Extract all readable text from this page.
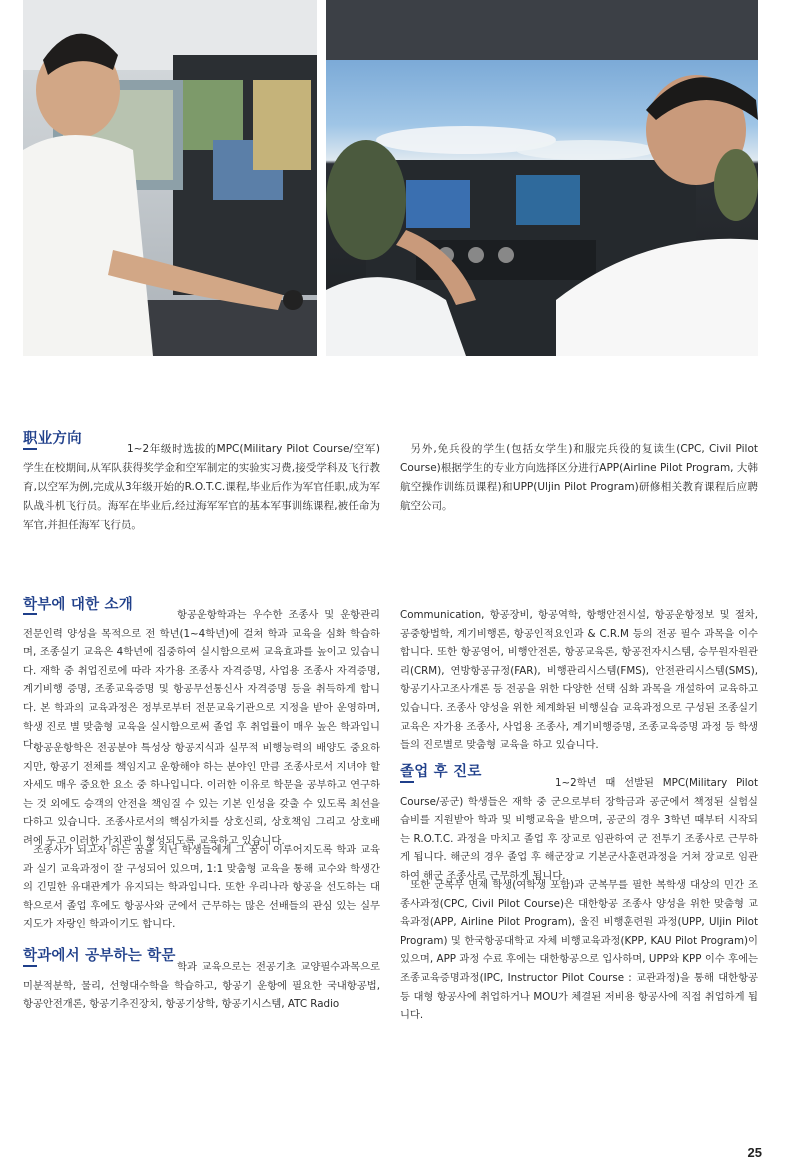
职业方向

1~2年级时选拔的MPC(Military Pilot Course/空军)学生在校期间,从军队获得奖学金和空军制定的实验实习费,接受学科及飞行教育,以空军为例,完成从3年级开始的R.O.T.C.课程,毕业后作为军官任职,成为军队战斗机飞行员。海军在毕业后,经过海军军官的基本军事训练课程,被任命为军官,并担任海军飞行员。

另外,免兵役的学生(包括女学生)和服完兵役的复读生(CPC, Civil Pilot Course)根据学生的专业方向选择区分进行APP(Airline Pilot Program, 大韩航空操作训练员课程)和UPP(Uljin Pilot Program)研修相关教育课程后应聘航空公司。

학부에 대한 소개

항공운항학과는 우수한 조종사 및 운항관리 전문인력 양성을 목적으로 전 학년(1~4학년)에 걸쳐 학과 교육을 심화 학습하며, 조종실기 교육은 4학년에 집중하여 실시함으로써 교육효과를 높이고 있습니다. 재학 중 취업진로에 따라 자가용 조종사 자격증명, 사업용 조종사 자격증명, 계기비행 증명, 조종교육증명 및 항공무선통신사 자격증명 등을 취득하게 합니다. 본 학과의 교육과정은 정부로부터 전문교육기관으로 지정을 받아 운영하며, 학생 진로 별 맞춤형 교육을 실시함으로써 졸업 후 취업률이 매우 높은 학과입니다.

항공운항학은 전공분야 특성상 항공지식과 실무적 비행능력의 배양도 중요하지만, 항공기 전체를 책임지고 운항해야 하는 분야인 만큼 조종사로서 지녀야 할 자세도 매우 중요한 요소 중 하나입니다. 이러한 이유로 학문을 공부하고 연구하는 것 외에도 승객의 안전을 책임질 수 있는 기본 인성을 갖출 수 있도록 최선을 다하고 있습니다. 조종사로서의 핵심가치를 상호신뢰, 상호책임 그리고 상호배려에 두고 이러한 가치관이 형성되도록 교육하고 있습니다.

조종사가 되고자 하는 꿈을 지닌 학생들에게 그 꿈이 이루어지도록 학과 교육과 실기 교육과정이 잘 구성되어 있으며, 1:1 맞춤형 교육을 통해 교수와 학생간의 긴밀한 유대관계가 유지되는 학과입니다. 또한 우리나라 항공을 선도하는 대학으로서 졸업 후에도 항공사와 군에서 근무하는 많은 선배들의 관심 있는 실무지도가 자랑인 학과이기도 합니다.

학과에서 공부하는 학문

학과 교육으로는 전공기초 교양필수과목으로 미분적분학, 물리, 선형대수학을 학습하고, 항공기 운항에 필요한 국내항공법, 항공안전개론, 항공기추진장치, 항공기상학, 항공기시스템, ATC Radio

Communication, 항공장비, 항공역학, 항행안전시설, 항공운항정보 및 절차, 공중항법학, 계기비행론, 항공인적요인과 & C.R.M 등의 전공 필수 과목을 이수합니다. 또한 항공영어, 비행안전론, 항공교육론, 항공전자시스템, 승무원자원관리(CRM), 연방항공규정(FAR), 비행관리시스템(FMS), 안전관리시스템(SMS), 항공기사고조사개론 등 전공을 위한 다양한 선택 심화 과목을 개설하여 교육하고 있습니다. 조종사 양성을 위한 체계화된 비행실습 교육과정으로 구성된 조종실기교육은 자가용 조종사, 사업용 조종사, 계기비행증명, 조종교육증명 과정 등 학생들의 진로별로 맞춤형 교육을 하고 있습니다.

졸업 후 진로

1~2학년 때 선발된 MPC(Military Pilot Course/공군) 학생들은 재학 중 군으로부터 장학금과 공군에서 책정된 실험실습비를 지원받아 학과 및 비행교육을 받으며, 공군의 경우 3학년 때부터 시작되는 R.O.T.C. 과정을 마치고 졸업 후 장교로 임관하여 군 전투기 조종사로 근무하게 됩니다. 해군의 경우 졸업 후 해군장교 기본군사훈련과정을 거쳐 장교로 임관하여 해군 조종사로 근무하게 됩니다.

또한 군복무 면제 학생(여학생 포함)과 군복무를 필한 복학생 대상의 민간 조종사과정(CPC, Civil Pilot Course)은 대한항공 조종사 양성을 위한 맞춤형 교육과정(APP, Airline Pilot Program), 울진 비행훈련원 과정(UPP, Uljin Pilot Program) 및 한국항공대학교 자체 비행교육과정(KPP, KAU Pilot Program)이 있으며, APP 과정 수료 후에는 대한항공으로 입사하며, UPP와 KPP 이수 후에는 조종교육증명과정(IPC, Instructor Pilot Course : 교관과정)을 통해 대한항공 등 대형 항공사에 취업하거나 MOU가 체결된 저비용 항공사에 직접 취업하게 됩니다.

25
